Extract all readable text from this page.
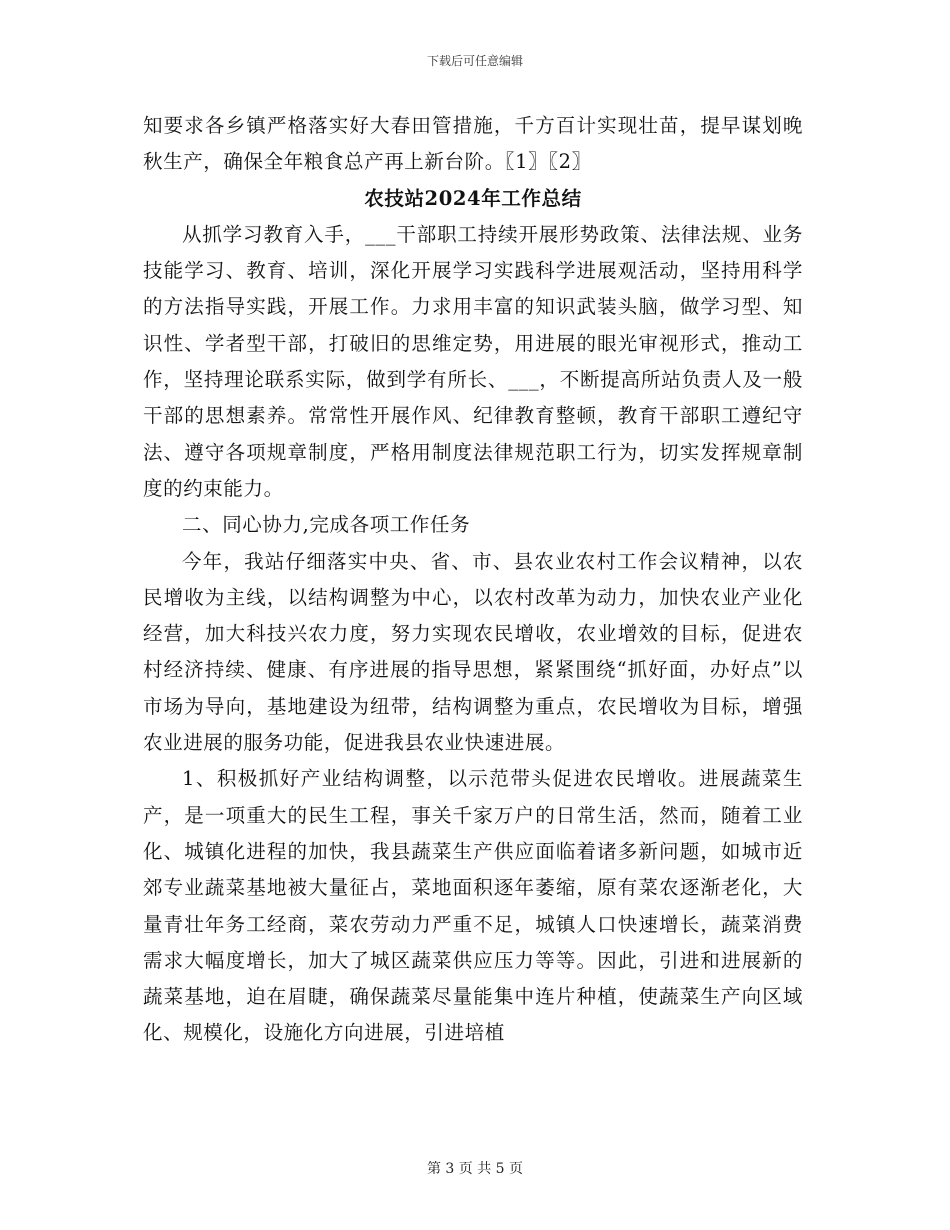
下载后可任意编辑

知要求各乡镇严格落实好大春田管措施，千方百计实现壮苗，提早谋划晚秋生产，确保全年粮食总产再上新台阶。〖1〗〖2〗

农技站2024年工作总结

从抓学习教育入手，___干部职工持续开展形势政策、法律法规、业务技能学习、教育、培训，深化开展学习实践科学进展观活动，坚持用科学的方法指导实践，开展工作。力求用丰富的知识武装头脑，做学习型、知识性、学者型干部，打破旧的思维定势，用进展的眼光审视形式，推动工作，坚持理论联系实际，做到学有所长、___，不断提高所站负责人及一般干部的思想素养。常常性开展作风、纪律教育整顿，教育干部职工遵纪守法、遵守各项规章制度，严格用制度法律规范职工行为，切实发挥规章制度的约束能力。

二、同心协力,完成各项工作任务

今年，我站仔细落实中央、省、市、县农业农村工作会议精神，以农民增收为主线，以结构调整为中心，以农村改革为动力，加快农业产业化经营，加大科技兴农力度，努力实现农民增收，农业增效的目标，促进农村经济持续、健康、有序进展的指导思想，紧紧围绕“抓好面，办好点”以市场为导向，基地建设为纽带，结构调整为重点，农民增收为目标，增强农业进展的服务功能，促进我县农业快速进展。

1、积极抓好产业结构调整，以示范带头促进农民增收。进展蔬菜生产，是一项重大的民生工程，事关千家万户的日常生活，然而，随着工业化、城镇化进程的加快，我县蔬菜生产供应面临着诸多新问题，如城市近郊专业蔬菜基地被大量征占，菜地面积逐年萎缩，原有菜农逐渐老化，大量青壮年务工经商，菜农劳动力严重不足，城镇人口快速增长，蔬菜消费需求大幅度增长，加大了城区蔬菜供应压力等等。因此，引进和进展新的蔬菜基地，迫在眉睫，确保蔬菜尽量能集中连片种植，使蔬菜生产向区域化、规模化，设施化方向进展，引进培植

第 3 页 共 5 页
